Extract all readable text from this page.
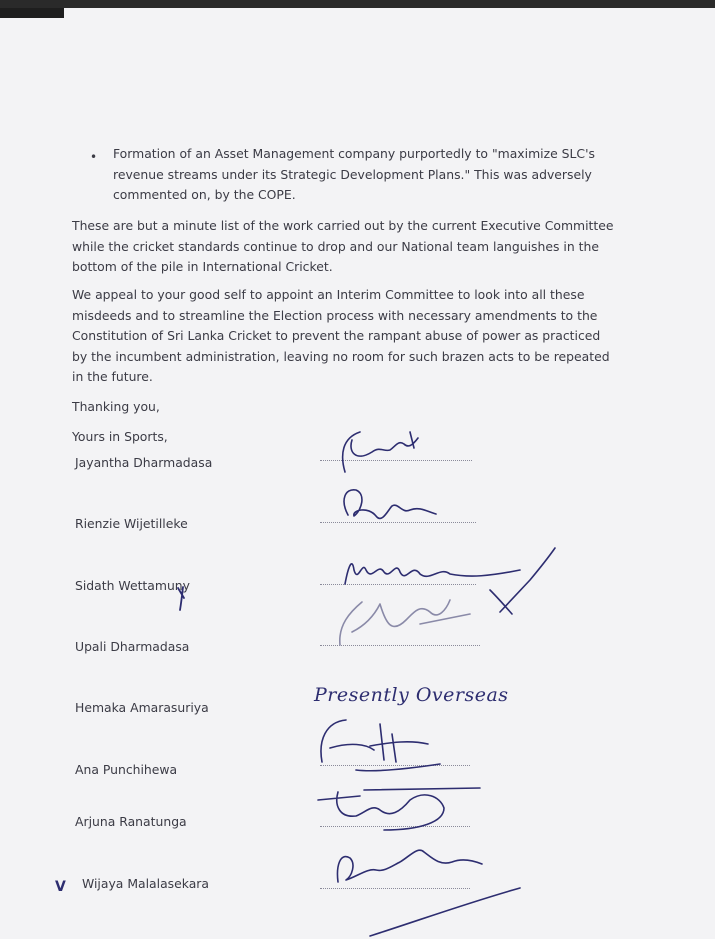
• Formation of an Asset Management company purportedly to "maximize SLC's revenue streams under its Strategic Development Plans." This was adversely commented on, by the COPE.
These are but a minute list of the work carried out by the current Executive Committee while the cricket standards continue to drop and our National team languishes in the bottom of the pile in International Cricket.
We appeal to your good self to appoint an Interim Committee to look into all these misdeeds and to streamline the Election process with necessary amendments to the Constitution of Sri Lanka Cricket to prevent the rampant abuse of power as practiced by the incumbent administration, leaving no room for such brazen acts to be repeated in the future.
Thanking you,
Yours in Sports,
Jayantha Dharmadasa
Rienzie Wijetilleke
Sidath Wettamuny
Upali Dharmadasa
Hemaka Amarasuriya
Ana Punchihewa
Arjuna Ranatunga
Wijaya Malalasekara
Presently Overseas
V
